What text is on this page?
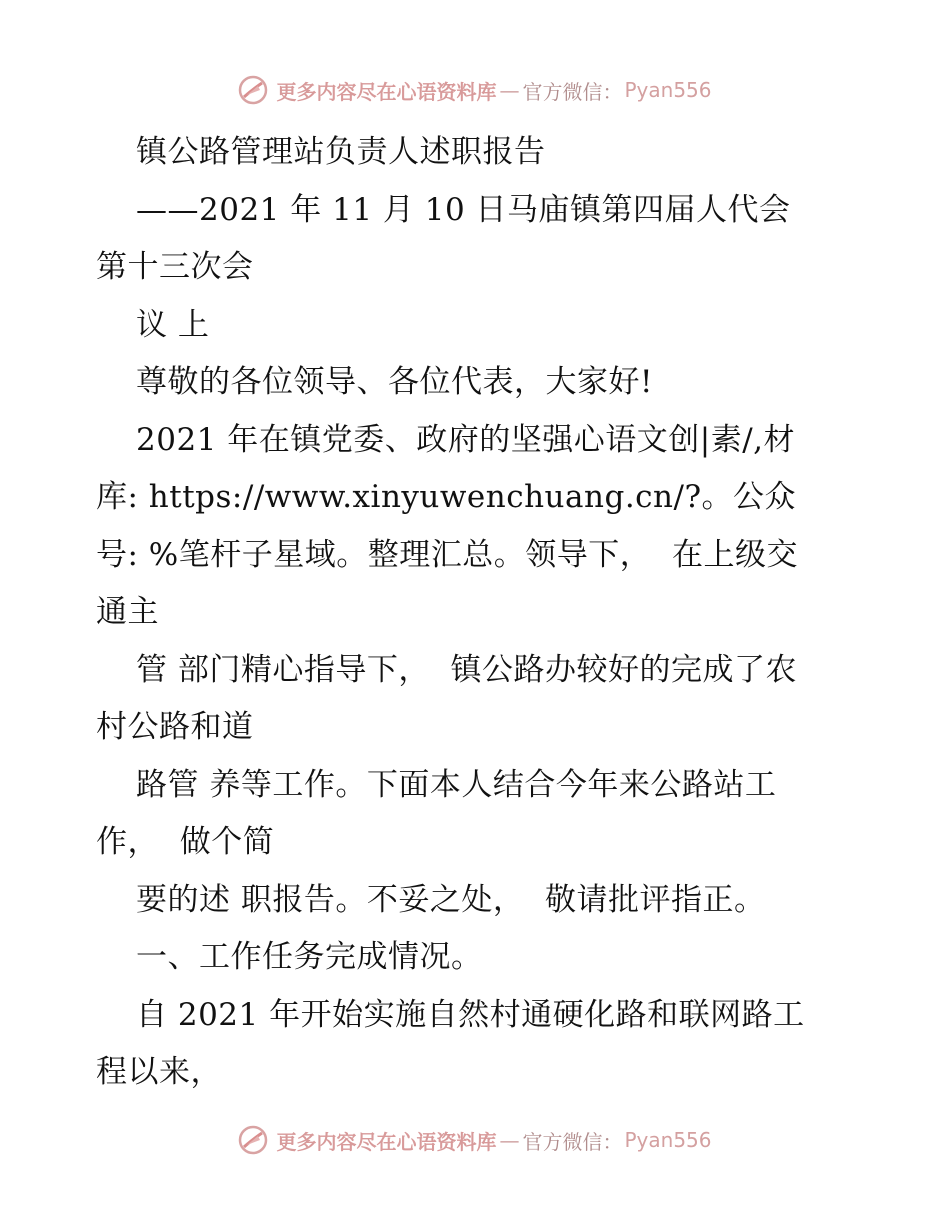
更多内容尽在心语资料库 — 官方微信： Pyan556
镇公路管理站负责人述职报告
——2021 年 11 月 10 日马庙镇第四届人代会
第十三次会
议 上
尊敬的各位领导、各位代表，大家好!
2021 年在镇党委、政府的坚强心语文创|素/,材
库: https://www.xinyuwenchuang.cn/?。公众
号: %笔杆子星域。整理汇总。领导下，  在上级交
通主
管 部门精心指导下，  镇公路办较好的完成了农
村公路和道
路管 养等工作。下面本人结合今年来公路站工
作，  做个简
要的述 职报告。不妥之处，  敬请批评指正。
一、工作任务完成情况。
自 2021 年开始实施自然村通硬化路和联网路工
程以来，
更多内容尽在心语资料库 — 官方微信： Pyan556
